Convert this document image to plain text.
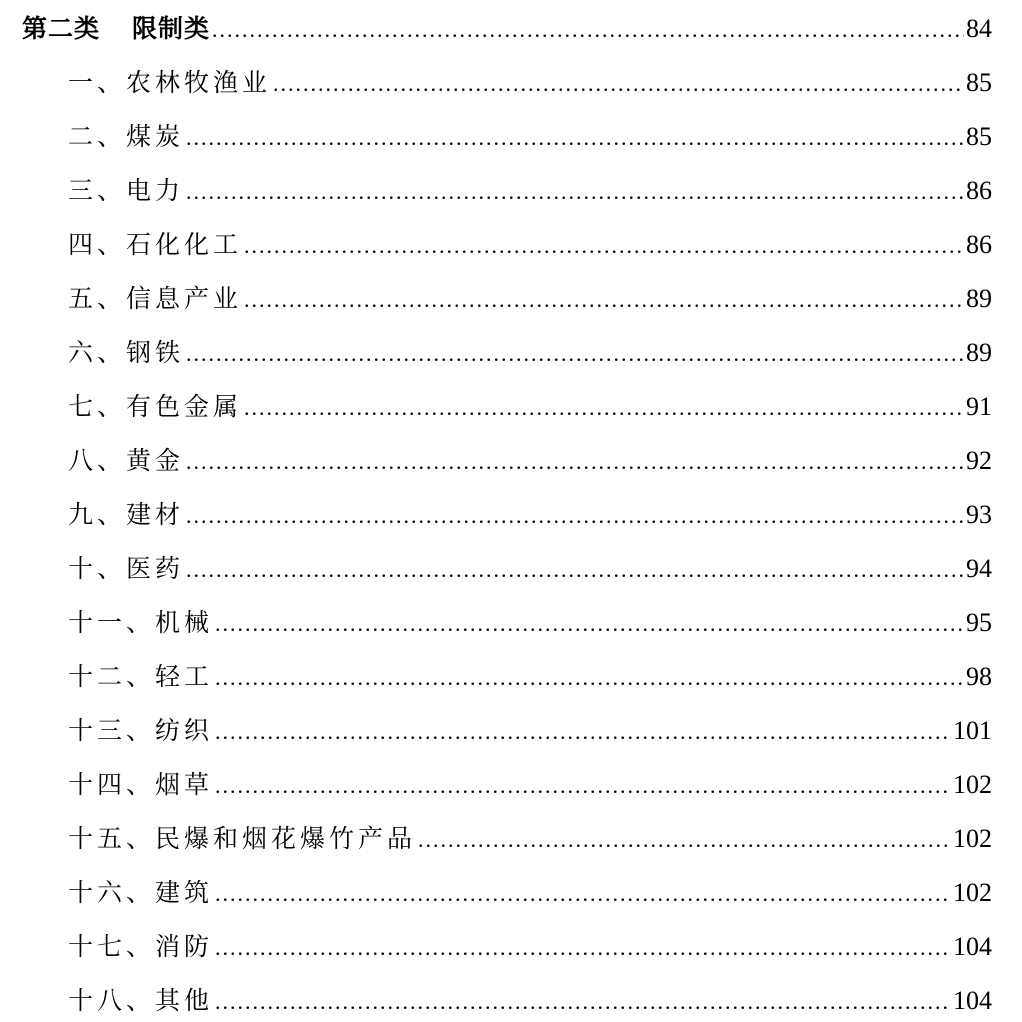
第二类 限制类 .....	84
一、农林牧渔业 .....	85
二、煤炭 .....	85
三、电力 .....	86
四、石化化工 .....	86
五、信息产业 .....	89
六、钢铁 .....	89
七、有色金属 .....	91
八、黄金 .....	92
九、建材 .....	93
十、医药 .....	94
十一、机械 .....	95
十二、轻工 .....	98
十三、纺织 .....	101
十四、烟草 .....	102
十五、民爆和烟花爆竹产品 .....	102
十六、建筑 .....	102
十七、消防 .....	104
十八、其他 .....	104
